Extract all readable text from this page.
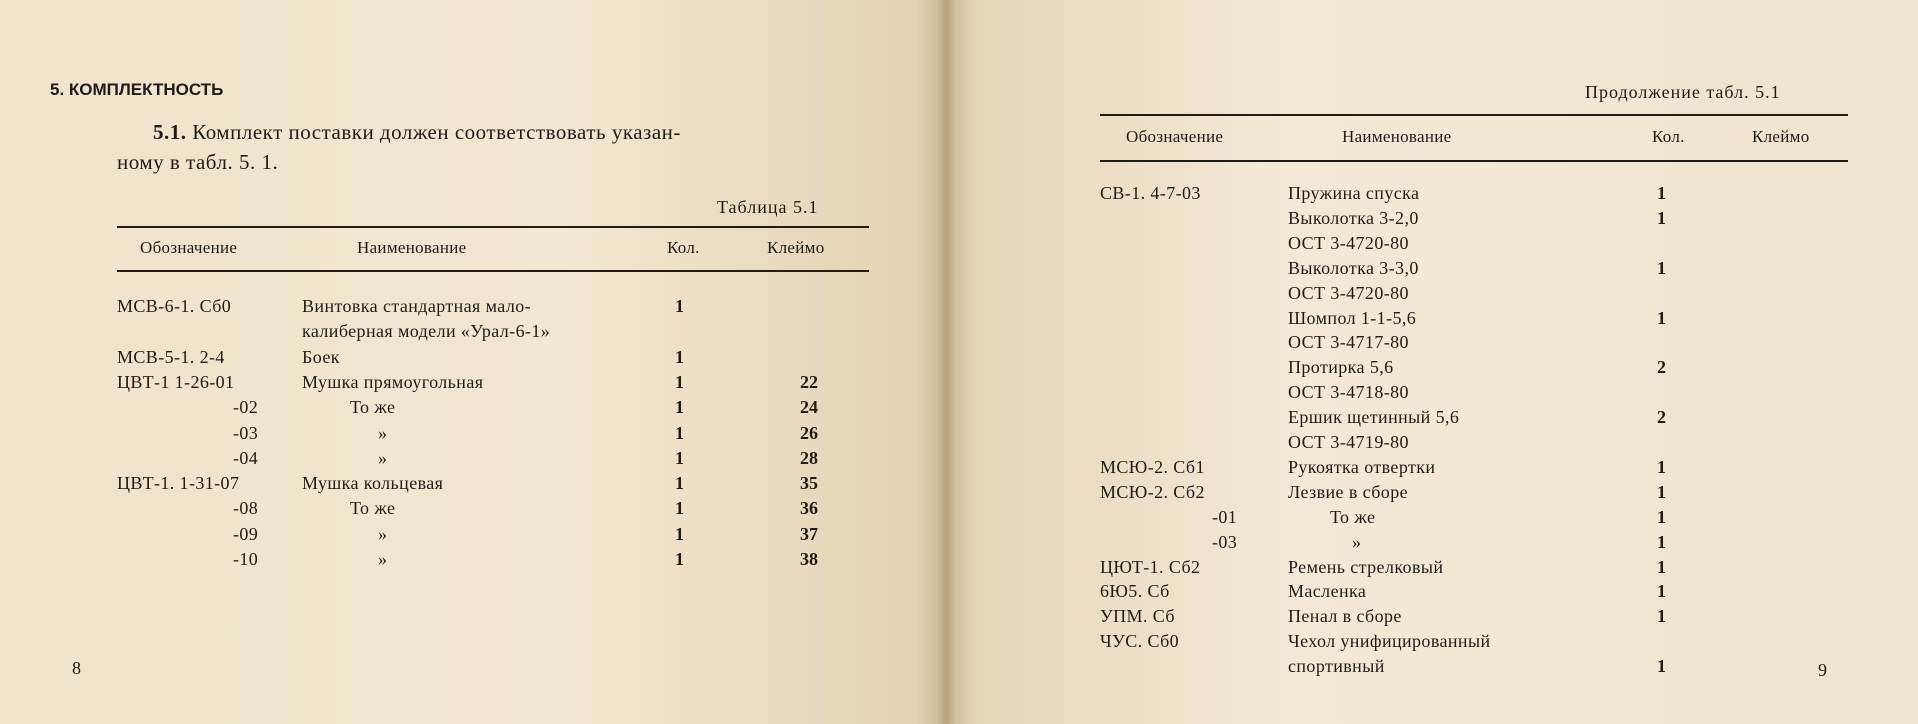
5. КОМПЛЕКТНОСТЬ
5.1. Комплект поставки должен соответствовать указан-
ному в табл. 5. 1.
Таблица 5.1
Обозначение	Наименование	Кол.	Клеймо
МСВ-6-1. Сб0	Винтовка стандартная мало-	1
калиберная модели «Урал-6-1»
МСВ-5-1. 2-4	Боек	1
ЦВТ-1 1-26-01	Мушка прямоугольная	1	22
-02	То же	1	24
-03	»	1	26
-04	»	1	28
ЦВТ-1. 1-31-07	Мушка кольцевая	1	35
-08	То же	1	36
-09	»	1	37
-10	»	1	38
8
Продолжение табл. 5.1
Обозначение	Наименование	Кол.	Клеймо
СВ-1. 4-7-03	Пружина спуска	1
Выколотка 3-2,0	1
ОСТ 3-4720-80
Выколотка 3-3,0	1
ОСТ 3-4720-80
Шомпол 1-1-5,6	1
ОСТ 3-4717-80
Протирка 5,6	2
ОСТ 3-4718-80
Ершик щетинный 5,6	2
ОСТ 3-4719-80
МСЮ-2. Сб1	Рукоятка отвертки	1
МСЮ-2. Сб2	Лезвие в сборе	1
-01	То же	1
-03	»	1
ЦЮТ-1. Сб2	Ремень стрелковый	1
6Ю5. Сб	Масленка	1
УПМ. Сб	Пенал в сборе	1
ЧУС. Сб0	Чехол унифицированный
спортивный	1	9
